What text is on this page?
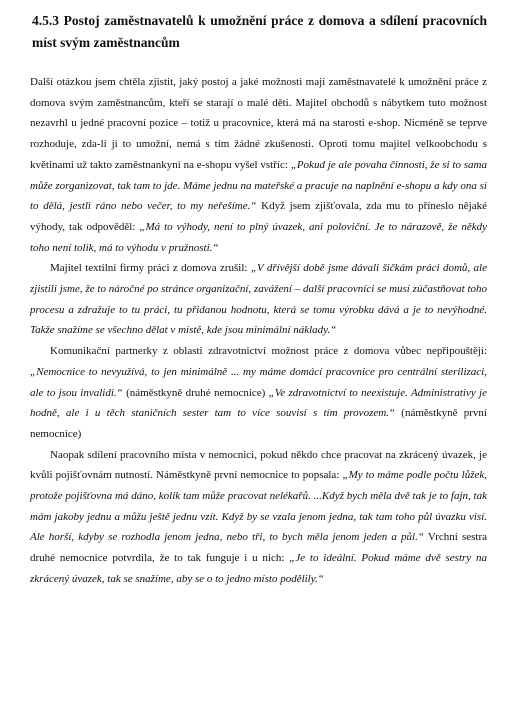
4.5.3 Postoj zaměstnavatelů k umožnění práce z domova a sdílení pracovních míst svým zaměstnancům

Další otázkou jsem chtěla zjistit, jaký postoj a jaké možnosti mají zaměstnavatelé k umožnění práce z domova svým zaměstnancům, kteří se starají o malé děti. Majitel obchodů s nábytkem tuto možnost nezavrhl u jedné pracovní pozice – totiž u pracovnice, která má na starosti e-shop. Nicméně se teprve rozhoduje, zda-li jí to umožní, nemá s tím žádné zkušenosti. Oproti tomu majitel velkoobchodu s květinami už takto zaměstnankyni na e-shopu vyšel vstříc: „Pokud je ale povaha činnosti, že si to sama může zorganizovat, tak tam to jde. Máme jednu na mateřské a pracuje na naplnění e-shopu a kdy ona si to dělá, jestli ráno nebo večer, to my neřešíme.“ Když jsem zjišťovala, zda mu to přineslo nějaké výhody, tak odpověděl: „Má to výhody, není to plný úvazek, ani poloviční. Je to nárazově, že někdy toho není tolik, má to výhodu v pružnosti.“

Majitel textilní firmy práci z domova zrušil: „V dřívější době jsme dávali šičkám práci domů, ale zjistili jsme, že to náročné po stránce organizační, zavážení – další pracovníci se musí zúčastňovat toho procesu a zdražuje to tu práci, tu přidanou hodnotu, která se tomu výrobku dává a je to nevýhodné. Takže snažíme se všechno dělat v místě, kde jsou minimální náklady.“

Komunikační partnerky z oblasti zdravotnictví možnost práce z domova vůbec nepřipouštějí: „Nemocnice to nevyužívá, to jen minimálně ... my máme domácí pracovnice pro centrální sterilizaci, ale to jsou invalidi.“ (náměstkyně druhé nemocnice) „Ve zdravotnictví to neexistuje. Administrativy je hodně, ale i u těch staničních sester tam to více souvisí s tím provozem.“ (náměstkyně první nemocnice)

Naopak sdílení pracovního místa v nemocnici, pokud někdo chce pracovat na zkrácený úvazek, je kvůli pojišťovnám nutností. Náměstkyně první nemocnice to popsala: „My to máme podle počtu lůžek, protože pojišťovna má dáno, kolik tam může pracovat nelékařů. ...Když bych měla dvě tak je to fajn, tak mám jakoby jednu a můžu ještě jednu vzít. Když by se vzala jenom jedna, tak tam toho půl úvazku visí. Ale horší, kdyby se rozhodla jenom jedna, nebo tři, to bych měla jenom jeden a půl.“ Vrchní sestra druhé nemocnice potvrdila, že to tak funguje i u nich: „Je to ideální. Pokud máme dvě sestry na zkrácený úvazek, tak se snažíme, aby se o to jedno místo podělily.“
